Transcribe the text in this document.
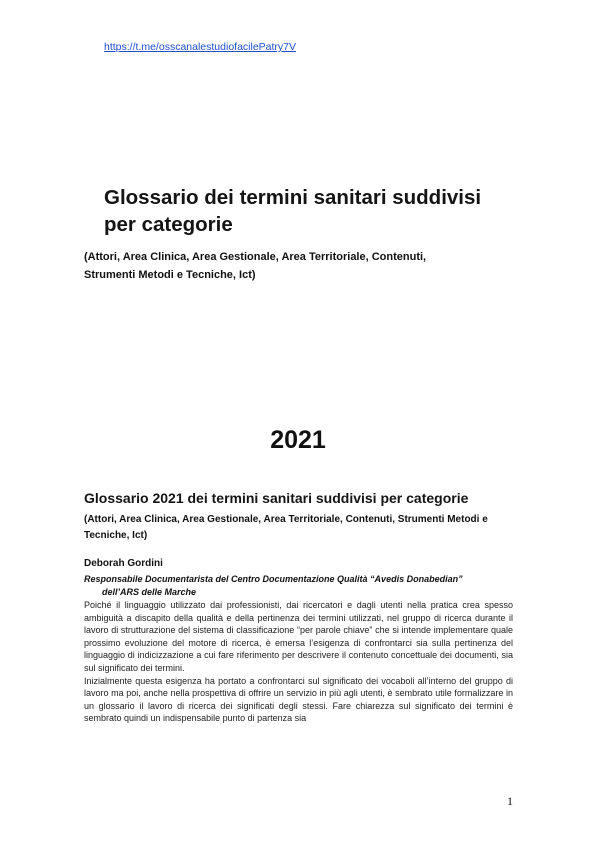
https://t.me/osscanalestudiofacilePatry7V
Glossario dei termini sanitari suddivisi
per categorie
(Attori, Area Clinica, Area Gestionale, Area Territoriale, Contenuti,
Strumenti Metodi e Tecniche, Ict)
2021
Glossario 2021 dei termini sanitari suddivisi per categorie
(Attori, Area Clinica, Area Gestionale, Area Territoriale, Contenuti, Strumenti Metodi e
Tecniche, Ict)
Deborah Gordini
Responsabile Documentarista del Centro Documentazione Qualità “Avedis Donabedian”
dell’ARS delle Marche

Poiché il linguaggio utilizzato dai professionisti, dai ricercatori e dagli utenti nella pratica crea spesso ambiguità a discapito della qualità e della pertinenza dei termini utilizzati, nel gruppo di ricerca durante il lavoro di strutturazione del sistema di classificazione “per parole chiave” che si intende implementare quale prossimo evoluzione del motore di ricerca, è emersa l’esigenza di confrontarci sia sulla pertinenza del linguaggio di indicizzazione a cui fare riferimento per descrivere il contenuto concettuale dei documenti, sia sul significato dei termini.

Inizialmente questa esigenza ha portato a confrontarci sul significato dei vocaboli all’interno del gruppo di lavoro ma poi, anche nella prospettiva di offrire un servizio in più agli utenti, è sembrato utile formalizzare in un glossario il lavoro di ricerca dei significati degli stessi. Fare chiarezza sul significato dei termini è sembrato quindi un indispensabile punto di partenza sia

1
